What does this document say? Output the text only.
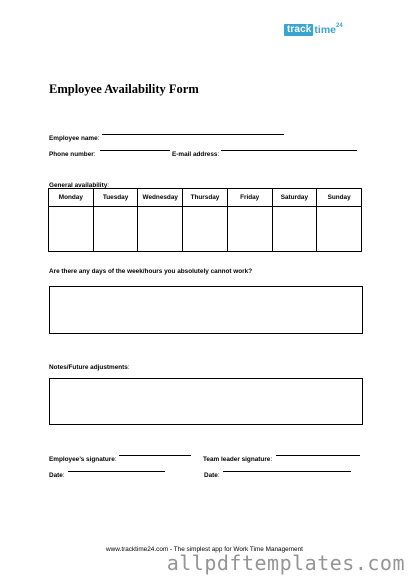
track time 24
Employee Availability Form
Employee name:
Phone number:	E-mail address:
General availability:
Monday	Tuesday	Wednesday	Thursday	Friday	Saturday	Sunday

Are there any days of the week/hours you absolutely cannot work?
Notes/Future adjustments:
Employee’s signature:	Team leader signature:
Date:	Date:
www.tracktime24.com - The simplest app for Work Time Management
allpdftemplates.com
